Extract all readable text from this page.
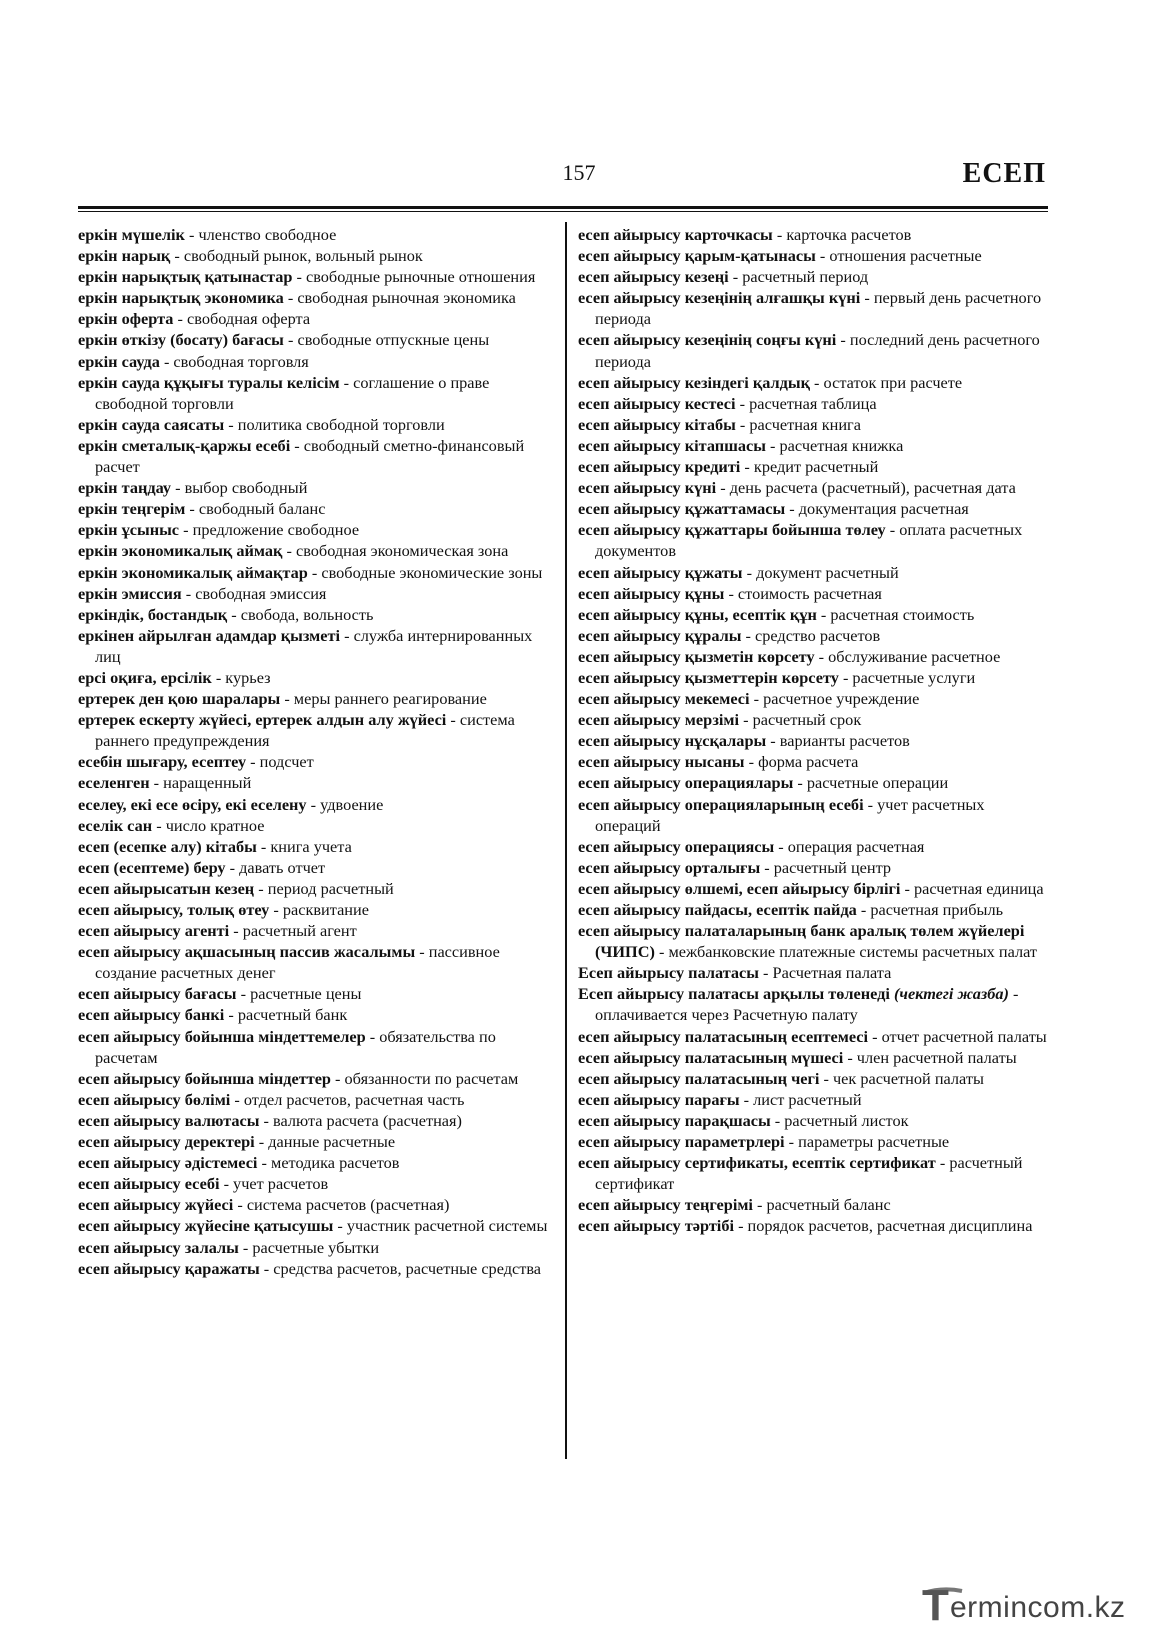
157	ЕСЕП

еркін мүшелік - членство свободное

еркін нарық - свободный рынок, вольный рынок

еркін нарықтық қатынастар - свободные рыночные отношения

еркін нарықтық экономика - свободная рыночная экономика

еркін оферта - свободная оферта

еркін өткізу (босату) бағасы - свободные отпускные цены

еркін сауда - свободная торговля

еркін сауда құқығы туралы келісім - соглашение о праве свободной торговли

еркін сауда саясаты - политика свободной торговли

еркін сметалық-қаржы есебі - свободный сметно-финансовый расчет

еркін таңдау - выбор свободный

еркін теңгерім - свободный баланс

еркін ұсыныс - предложение свободное

еркін экономикалық аймақ - свободная экономическая зона

еркін экономикалық аймақтар - свободные экономические зоны

еркін эмиссия - свободная эмиссия

еркіндік, бостандық - свобода, вольность

еркінен айрылған адамдар қызметі - служба интернированных лиц

ерсі оқиға, ерсілік - курьез

ертерек ден қою шаралары - меры раннего реагирование

ертерек ескерту жүйесі, ертерек алдын алу жүйесі - система раннего предупреждения

есебін шығару, есептеу - подсчет

еселенген - наращенный

еселеу, екі есе өсіру, екі еселену - удвоение

еселік сан - число кратное

есеп (есепке алу) кітабы - книга учета

есеп (есептеме) беру - давать отчет

есеп айырысатын кезең - период расчетный

есеп айырысу, толық өтеу - расквитание

есеп айырысу агенті - расчетный агент

есеп айырысу ақшасының пассив жасалымы - пассивное создание расчетных денег

есеп айырысу бағасы - расчетные цены

есеп айырысу банкі - расчетный банк

есеп айырысу бойынша міндеттемелер - обязательства по расчетам

есеп айырысу бойынша міндеттер - обязанности по расчетам

есеп айырысу бөлімі - отдел расчетов, расчетная часть

есеп айырысу валютасы - валюта расчета (расчетная)

есеп айырысу деректері - данные расчетные

есеп айырысу әдістемесі - методика расчетов

есеп айырысу есебі - учет расчетов

есеп айырысу жүйесі - система расчетов (расчетная)

есеп айырысу жүйесіне қатысушы - участник расчетной системы

есеп айырысу залалы - расчетные убытки

есеп айырысу қаражаты - средства расчетов, расчетные средства

есеп айырысу карточкасы - карточка расчетов

есеп айырысу қарым-қатынасы - отношения расчетные

есеп айырысу кезеңі - расчетный период

есеп айырысу кезеңінің алғашқы күні - первый день расчетного периода

есеп айырысу кезеңінің соңғы күні - последний день расчетного периода

есеп айырысу кезіндегі қалдық - остаток при расчете

есеп айырысу кестесі - расчетная таблица

есеп айырысу кітабы - расчетная книга

есеп айырысу кітапшасы - расчетная книжка

есеп айырысу кредиті - кредит расчетный

есеп айырысу күні - день расчета (расчетный), расчетная дата

есеп айырысу құжаттамасы - документация расчетная

есеп айырысу құжаттары бойынша төлеу - оплата расчетных документов

есеп айырысу құжаты - документ расчетный

есеп айырысу құны - стоимость расчетная

есеп айырысу құны, есептік құн - расчетная стоимость

есеп айырысу құралы - средство расчетов

есеп айырысу қызметін көрсету - обслуживание расчетное

есеп айырысу қызметтерін көрсету - расчетные услуги

есеп айырысу мекемесі - расчетное учреждение

есеп айырысу мерзімі - расчетный срок

есеп айырысу нұсқалары - варианты расчетов

есеп айырысу нысаны - форма расчета

есеп айырысу операциялары - расчетные операции

есеп айырысу операцияларының есебі - учет расчетных операций

есеп айырысу операциясы - операция расчетная

есеп айырысу орталығы - расчетный центр

есеп айырысу өлшемі, есеп айырысу бірлігі - расчетная единица

есеп айырысу пайдасы, есептік пайда - расчетная прибыль

есеп айырысу палаталарының банк аралық төлем жүйелері (ЧИПС) - межбанковские платежные системы расчетных палат

Есеп айырысу палатасы - Расчетная палата

Есеп айырысу палатасы арқылы төленеді (чектегі жазба) - оплачивается через Расчетную палату

есеп айырысу палатасының есептемесі - отчет расчетной палаты

есеп айырысу палатасының мүшесі - член расчетной палаты

есеп айырысу палатасының чегі - чек расчетной палаты

есеп айырысу парағы - лист расчетный

есеп айырысу парақшасы - расчетный листок

есеп айырысу параметрлері - параметры расчетные

есеп айырысу сертификаты, есептік сертификат - расчетный сертификат

есеп айырысу теңгерімі - расчетный баланс

есеп айырысу тәртібі - порядок расчетов, расчетная дисциплина

T ermincom.kz
